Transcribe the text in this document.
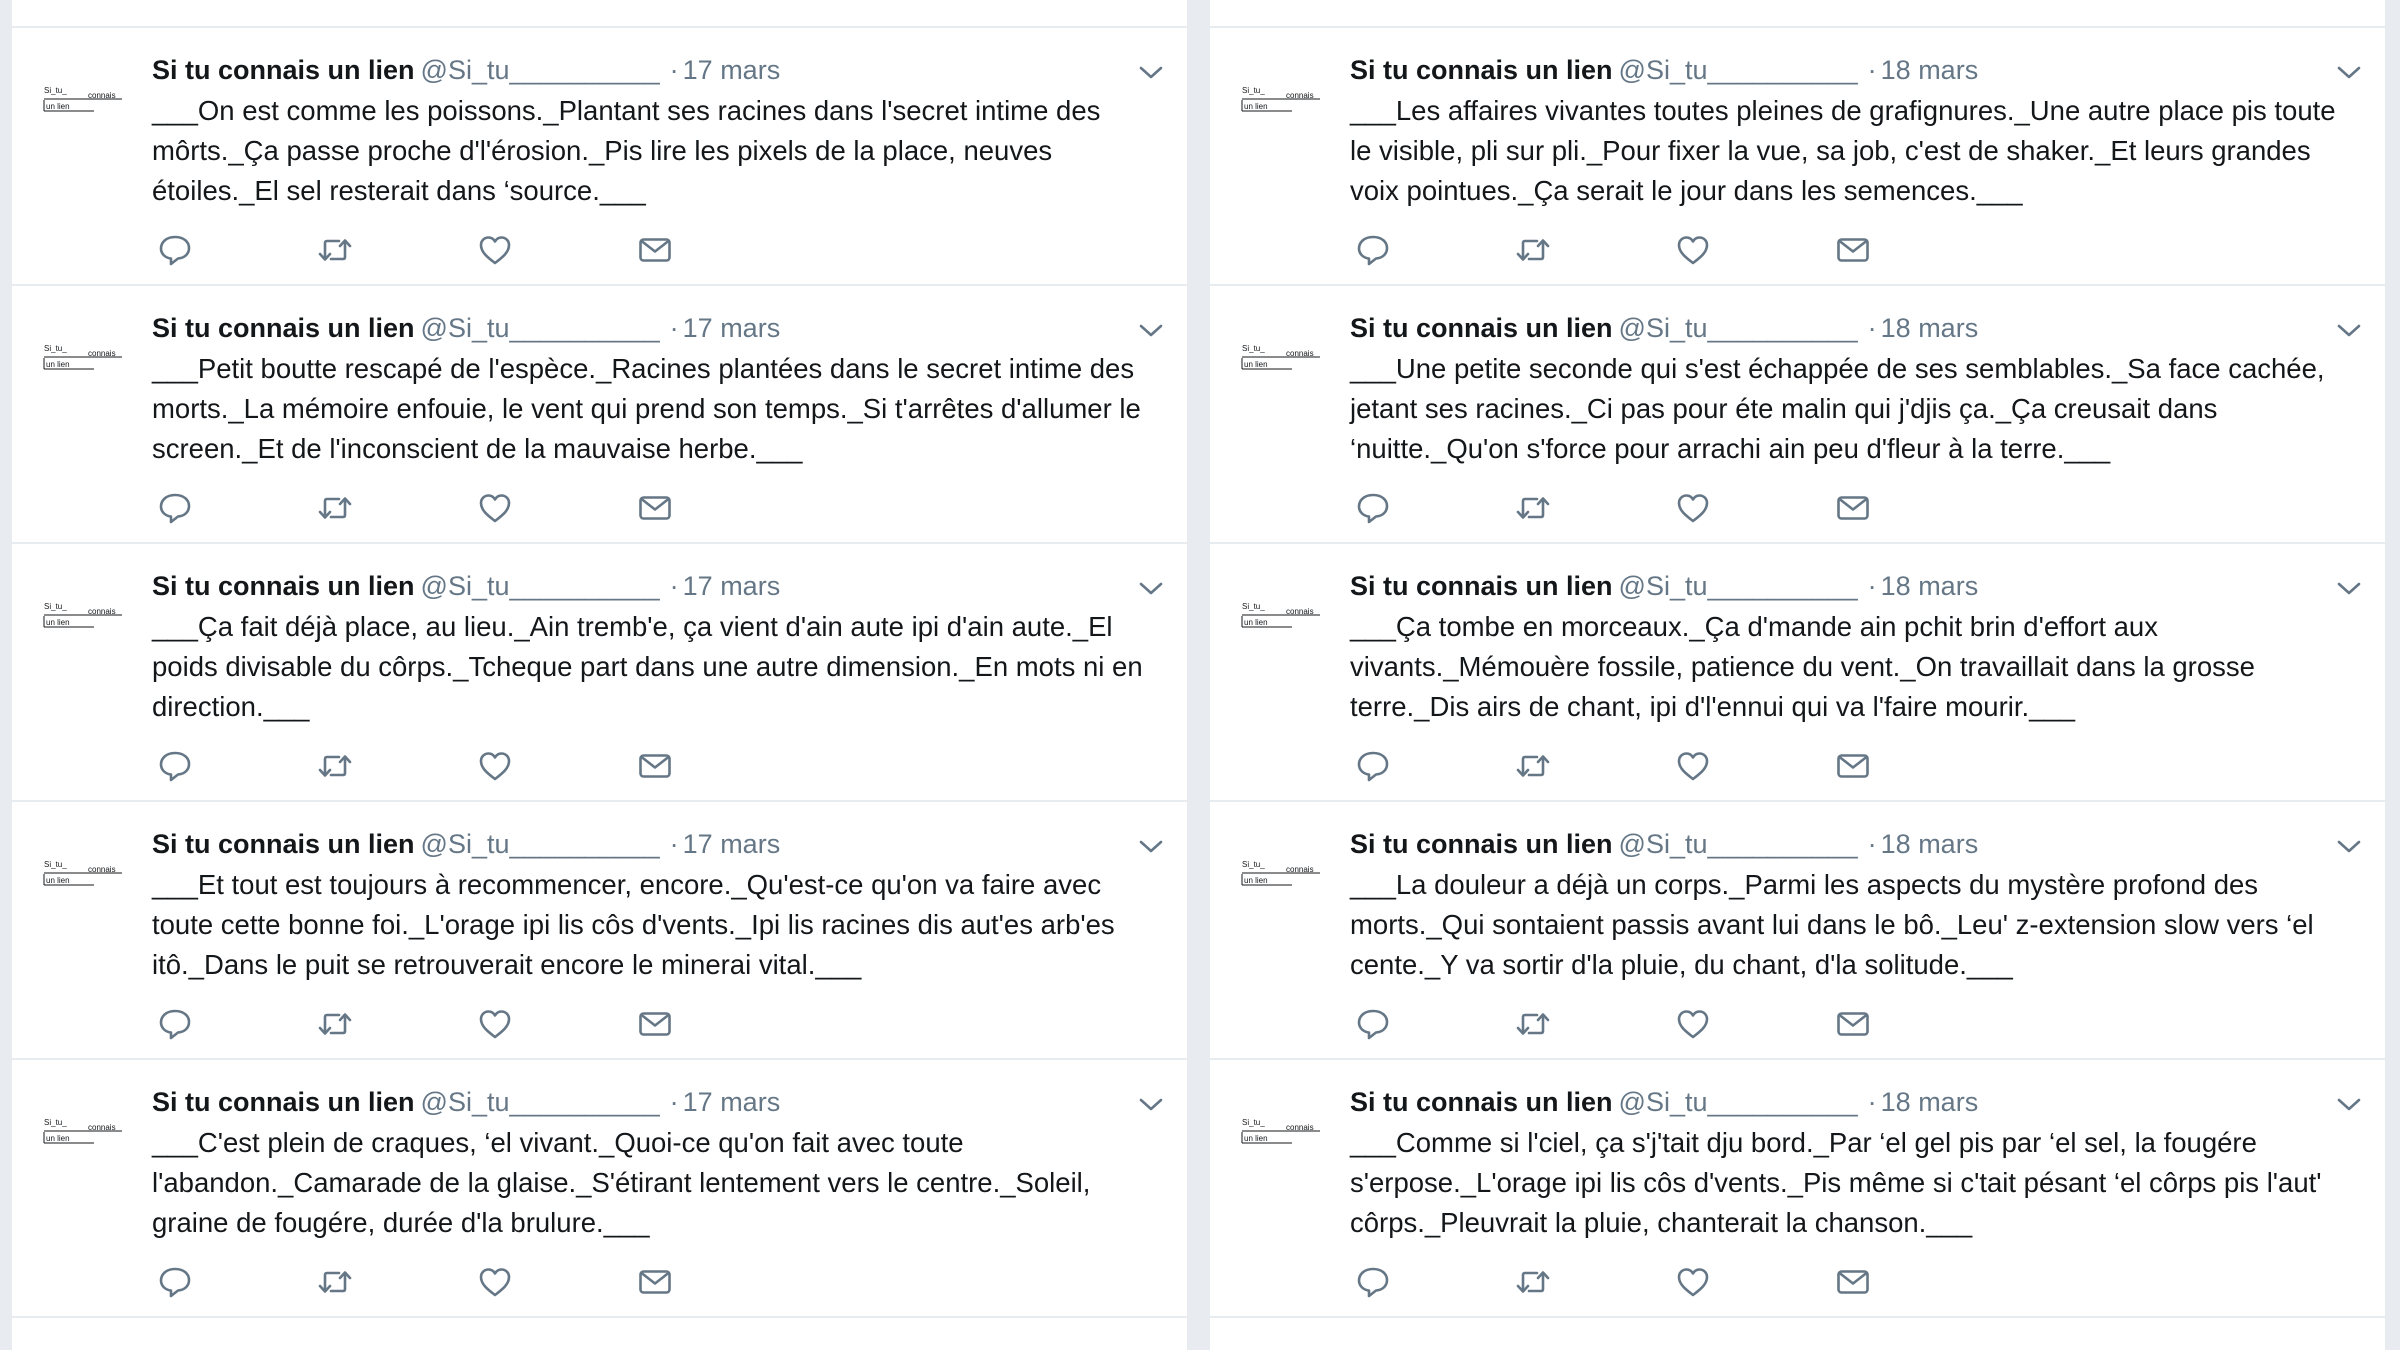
Si_tu_
connais
un lien
Si tu connais un lien @Si_tu__________ · 17 mars
___On est comme les poissons._Plantant ses racines dans l'secret intime des môrts._Ça passe proche d'l'érosion._Pis lire les pixels de la place, neuves étoiles._El sel resterait dans ‘source.___
Si_tu_
connais
un lien
Si tu connais un lien @Si_tu__________ · 17 mars
___Petit boutte rescapé de l'espèce._Racines plantées dans le secret intime des morts._La mémoire enfouie, le vent qui prend son temps._Si t'arrêtes d'allumer le screen._Et de l'inconscient de la mauvaise herbe.___
Si_tu_
connais
un lien
Si tu connais un lien @Si_tu__________ · 17 mars
___Ça fait déjà place, au lieu._Ain tremb'e, ça vient d'ain aute ipi d'ain aute._El poids divisable du côrps._Tcheque part dans une autre dimension._En mots ni en direction.___
Si_tu_
connais
un lien
Si tu connais un lien @Si_tu__________ · 17 mars
___Et tout est toujours à recommencer, encore._Qu'est-ce qu'on va faire avec toute cette bonne foi._L'orage ipi lis côs d'vents._Ipi lis racines dis aut'es arb'es itô._Dans le puit se retrouverait encore le minerai vital.___
Si_tu_
connais
un lien
Si tu connais un lien @Si_tu__________ · 17 mars
___C'est plein de craques, ‘el vivant._Quoi-ce qu'on fait avec toute l'abandon._Camarade de la glaise._S'étirant lentement vers le centre._Soleil, graine de fougére, durée d'la brulure.___
Si_tu_
connais
un lien
Si tu connais un lien @Si_tu__________ · 18 mars
___Les affaires vivantes toutes pleines de grafignures._Une autre place pis toute le visible, pli sur pli._Pour fixer la vue, sa job, c'est de shaker._Et leurs grandes voix pointues._Ça serait le jour dans les semences.___
Si_tu_
connais
un lien
Si tu connais un lien @Si_tu__________ · 18 mars
___Une petite seconde qui s'est échappée de ses semblables._Sa face cachée, jetant ses racines._Ci pas pour éte malin qui j'djis ça._Ça creusait dans ‘nuitte._Qu'on s'force pour arrachi ain peu d'fleur à la terre.___
Si_tu_
connais
un lien
Si tu connais un lien @Si_tu__________ · 18 mars
___Ça tombe en morceaux._Ça d'mande ain pchit brin d'effort aux vivants._Mémouère fossile, patience du vent._On travaillait dans la grosse terre._Dis airs de chant, ipi d'l'ennui qui va l'faire mourir.___
Si_tu_
connais
un lien
Si tu connais un lien @Si_tu__________ · 18 mars
___La douleur a déjà un corps._Parmi les aspects du mystère profond des morts._Qui sontaient passis avant lui dans le bô._Leu' z-extension slow vers ‘el cente._Y va sortir d'la pluie, du chant, d'la solitude.___
Si_tu_
connais
un lien
Si tu connais un lien @Si_tu__________ · 18 mars
___Comme si l'ciel, ça s'j'tait dju bord._Par ‘el gel pis par ‘el sel, la fougére s'erpose._L'orage ipi lis côs d'vents._Pis même si c'tait pésant ‘el côrps pis l'aut' côrps._Pleuvrait la pluie, chanterait la chanson.___
